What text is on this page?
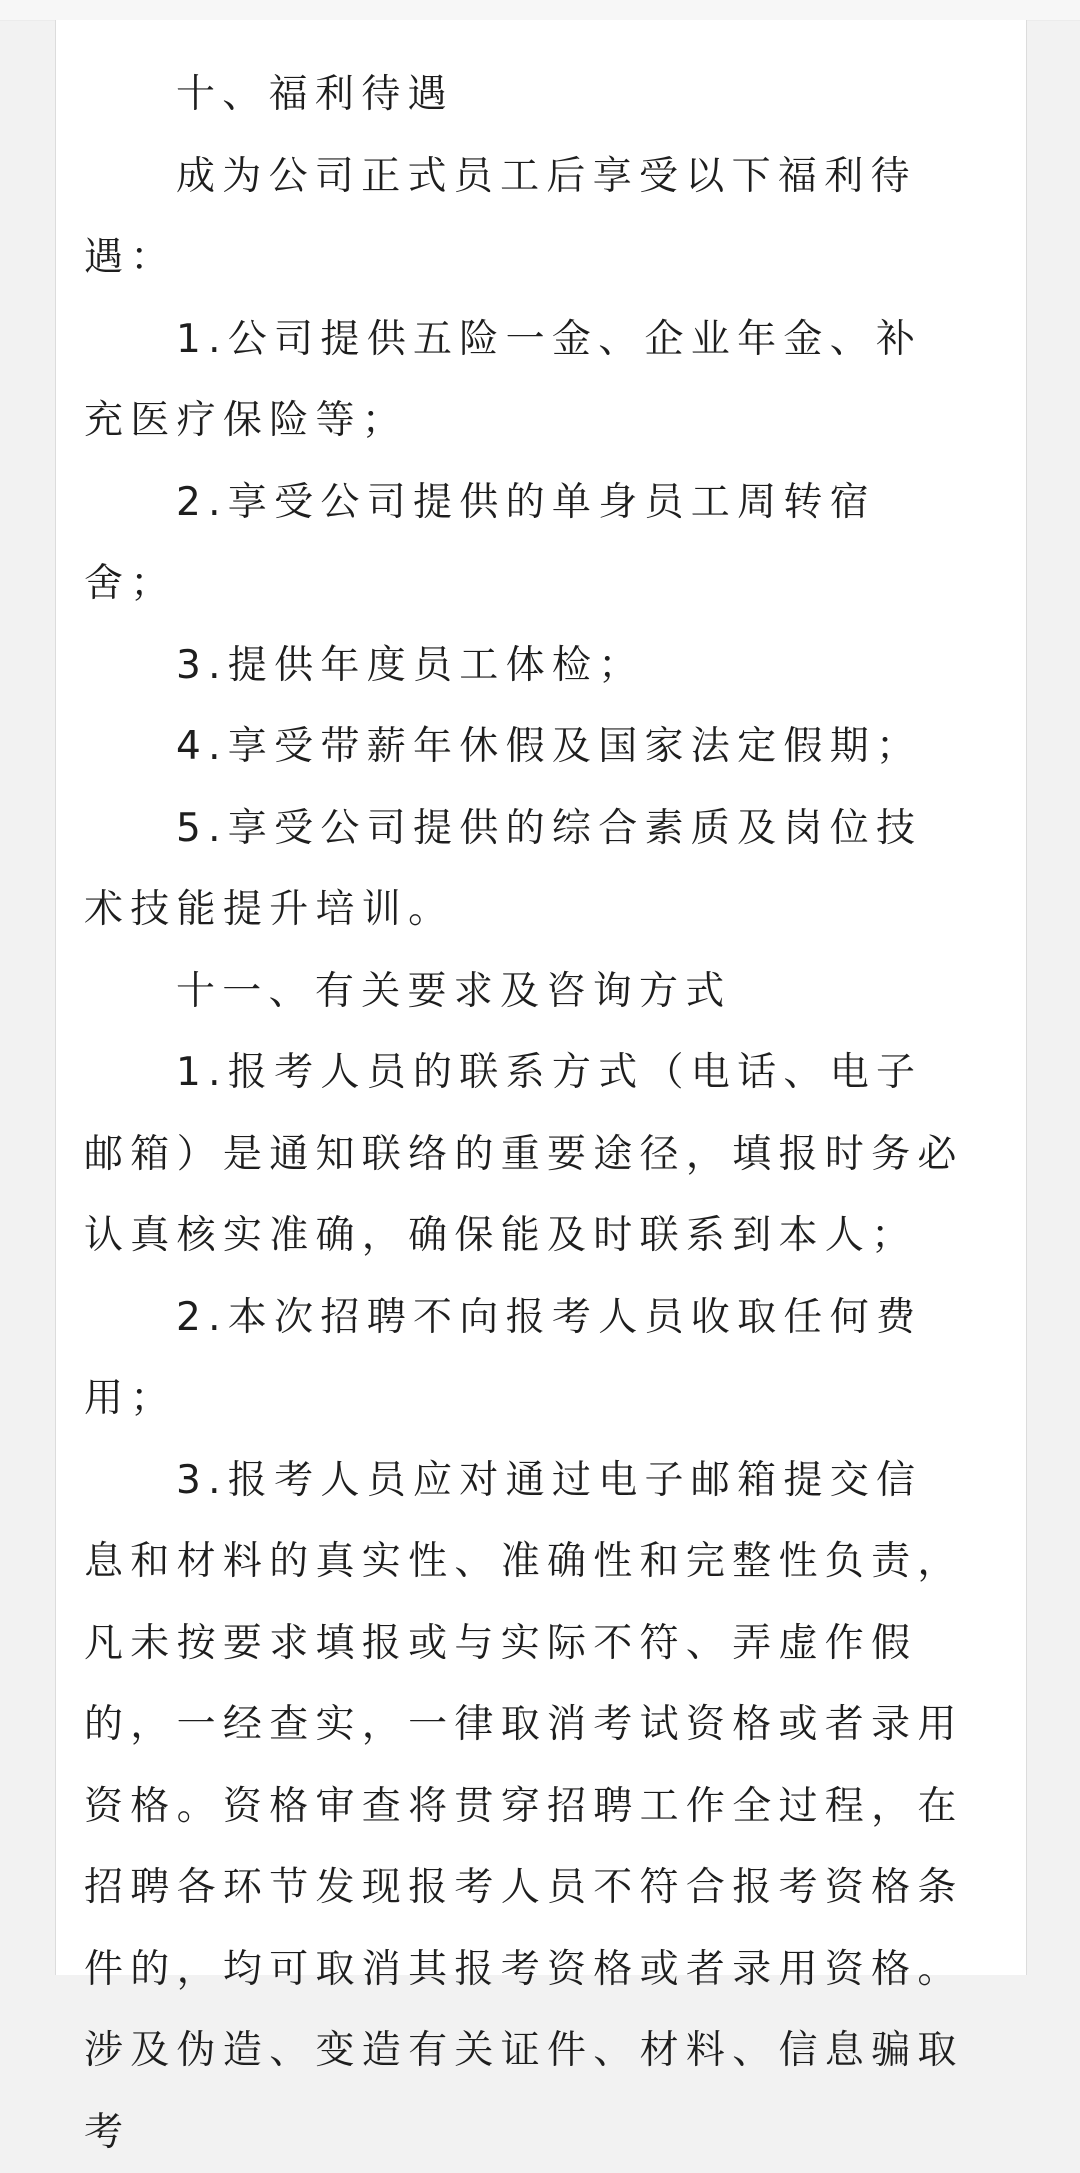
十、福利待遇

成为公司正式员工后享受以下福利待遇：

1.公司提供五险一金、企业年金、补充医疗保险等；

2.享受公司提供的单身员工周转宿舍；

3.提供年度员工体检；

4.享受带薪年休假及国家法定假期；

5.享受公司提供的综合素质及岗位技术技能提升培训。

十一、有关要求及咨询方式

1.报考人员的联系方式（电话、电子邮箱）是通知联络的重要途径，填报时务必认真核实准确，确保能及时联系到本人；

2.本次招聘不向报考人员收取任何费用；

3.报考人员应对通过电子邮箱提交信息和材料的真实性、准确性和完整性负责，凡未按要求填报或与实际不符、弄虚作假的，一经查实，一律取消考试资格或者录用资格。资格审查将贯穿招聘工作全过程，在招聘各环节发现报考人员不符合报考资格条件的，均可取消其报考资格或者录用资格。涉及伪造、变造有关证件、材料、信息骗取考
